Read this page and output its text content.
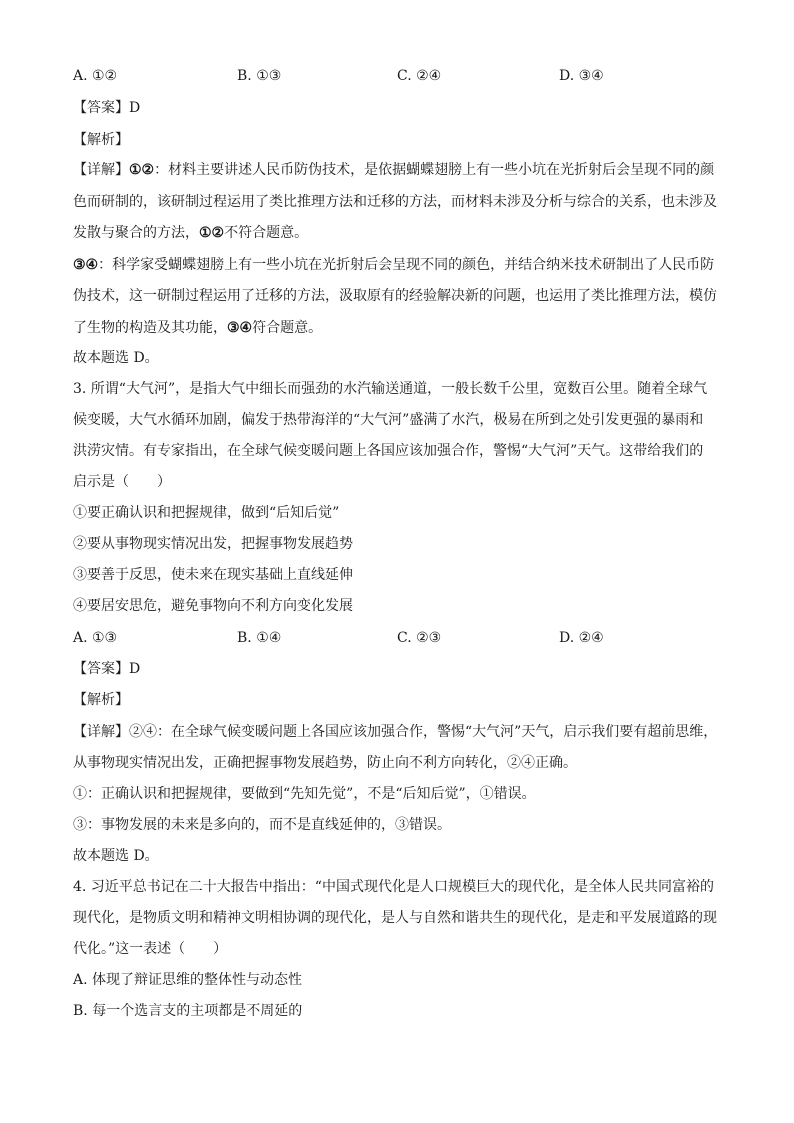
A. ①②	B. ①③	C. ②④	D. ③④
【答案】D
【解析】
【详解】①②：材料主要讲述人民币防伪技术，是依据蝴蝶翅膀上有一些小坑在光折射后会呈现不同的颜
色而研制的，该研制过程运用了类比推理方法和迁移的方法，而材料未涉及分析与综合的关系，也未涉及
发散与聚合的方法，①②不符合题意。
③④：科学家受蝴蝶翅膀上有一些小坑在光折射后会呈现不同的颜色，并结合纳米技术研制出了人民币防
伪技术，这一研制过程运用了迁移的方法，汲取原有的经验解决新的问题，也运用了类比推理方法，模仿
了生物的构造及其功能，③④符合题意。
故本题选 D。
3. 所谓“大气河”，是指大气中细长而强劲的水汽输送通道，一般长数千公里，宽数百公里。随着全球气
候变暖，大气水循环加剧，偏发于热带海洋的“大气河”盛满了水汽，极易在所到之处引发更强的暴雨和
洪涝灾情。有专家指出，在全球气候变暖问题上各国应该加强合作，警惕“大气河”天气。这带给我们的
启示是（　　）
①要正确认识和把握规律，做到“后知后觉”
②要从事物现实情况出发，把握事物发展趋势
③要善于反思，使未来在现实基础上直线延伸
④要居安思危，避免事物向不利方向变化发展
A. ①③	B. ①④	C. ②③	D. ②④
【答案】D
【解析】
【详解】②④：在全球气候变暖问题上各国应该加强合作，警惕“大气河”天气，启示我们要有超前思维，
从事物现实情况出发，正确把握事物发展趋势，防止向不利方向转化，②④正确。
①：正确认识和把握规律，要做到“先知先觉”，不是“后知后觉”，①错误。
③：事物发展的未来是多向的，而不是直线延伸的，③错误。
故本题选 D。
4. 习近平总书记在二十大报告中指出：“中国式现代化是人口规模巨大的现代化，是全体人民共同富裕的
现代化，是物质文明和精神文明相协调的现代化，是人与自然和谐共生的现代化，是走和平发展道路的现
代化。”这一表述（　　）
A. 体现了辩证思维的整体性与动态性
B. 每一个选言支的主项都是不周延的
